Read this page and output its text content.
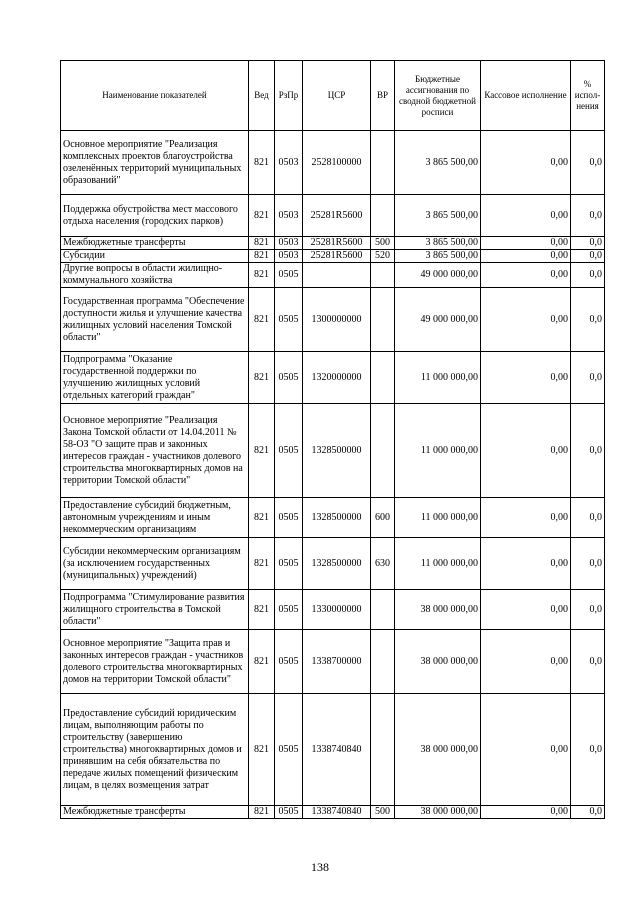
Наименование показателей	Вед	РзПр	ЦСР	ВР	Бюджетные ассигнования по сводной бюджетной росписи	Кассовое исполнение	% испол-нения
Основное мероприятие "Реализация комплексных проектов благоустройства озеленённых территорий муниципальных образований"	821	0503	2528100000		3 865 500,00	0,00	0,0
Поддержка обустройства мест массового отдыха населения (городских парков)	821	0503	25281R5600		3 865 500,00	0,00	0,0
Межбюджетные трансферты	821	0503	25281R5600	500	3 865 500,00	0,00	0,0
Субсидии	821	0503	25281R5600	520	3 865 500,00	0,00	0,0
Другие вопросы в области жилищно-коммунального хозяйства	821	0505			49 000 000,00	0,00	0,0
Государственная программа "Обеспечение доступности жилья и улучшение качества жилищных условий населения Томской области"	821	0505	1300000000		49 000 000,00	0,00	0,0
Подпрограмма "Оказание государственной поддержки по улучшению жилищных условий отдельных категорий граждан"	821	0505	1320000000		11 000 000,00	0,00	0,0
Основное мероприятие "Реализация Закона Томской области от 14.04.2011 № 58-ОЗ "О защите прав и законных интересов граждан - участников долевого строительства многоквартирных домов на территории Томской области"	821	0505	1328500000		11 000 000,00	0,00	0,0
Предоставление субсидий бюджетным, автономным учреждениям и иным некоммерческим организациям	821	0505	1328500000	600	11 000 000,00	0,00	0,0
Субсидии некоммерческим организациям (за исключением государственных (муниципальных) учреждений)	821	0505	1328500000	630	11 000 000,00	0,00	0,0
Подпрограмма "Стимулирование развития жилищного строительства в Томской области"	821	0505	1330000000		38 000 000,00	0,00	0,0
Основное мероприятие "Защита прав и законных интересов граждан - участников долевого строительства многоквартирных домов на территории Томской области"	821	0505	1338700000		38 000 000,00	0,00	0,0
Предоставление субсидий юридическим лицам, выполняющим работы по строительству (завершению строительства) многоквартирных домов и принявшим на себя обязательства по передаче жилых помещений физическим лицам, в целях возмещения затрат	821	0505	1338740840		38 000 000,00	0,00	0,0
Межбюджетные трансферты	821	0505	1338740840	500	38 000 000,00	0,00	0,0
138
